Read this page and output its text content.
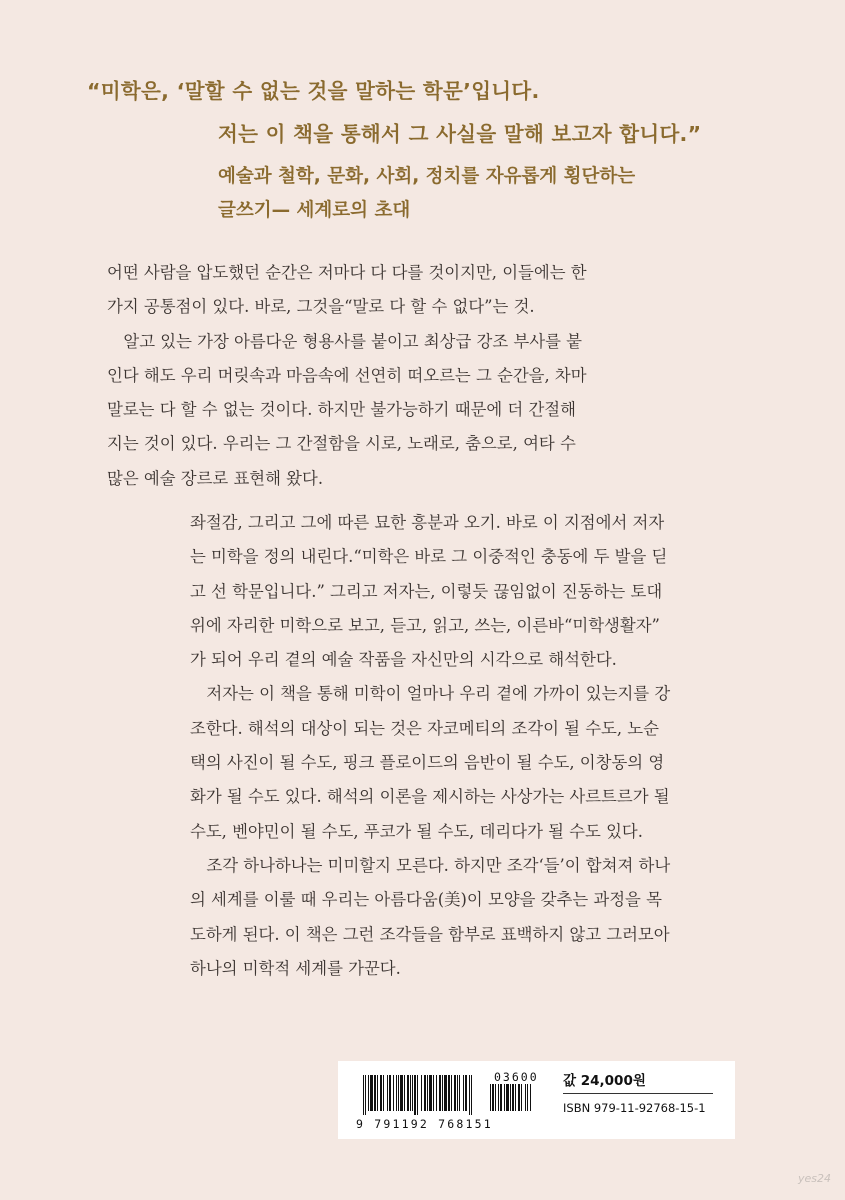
“미학은, ‘말할 수 없는 것을 말하는 학문’입니다.
저는 이 책을 통해서 그 사실을 말해 보고자 합니다.”
예술과 철학, 문화, 사회, 정치를 자유롭게 횡단하는
글쓰기— 세계로의 초대
어떤 사람을 압도했던 순간은 저마다 다 다를 것이지만, 이들에는 한
가지 공통점이 있다. 바로, 그것을“말로 다 할 수 없다”는 것.
　알고 있는 가장 아름다운 형용사를 붙이고 최상급 강조 부사를 붙
인다 해도 우리 머릿속과 마음속에 선연히 떠오르는 그 순간을, 차마
말로는 다 할 수 없는 것이다. 하지만 불가능하기 때문에 더 간절해
지는 것이 있다. 우리는 그 간절함을 시로, 노래로, 춤으로, 여타 수
많은 예술 장르로 표현해 왔다.
좌절감, 그리고 그에 따른 묘한 흥분과 오기. 바로 이 지점에서 저자
는 미학을 정의 내린다.“미학은 바로 그 이중적인 충동에 두 발을 딛
고 선 학문입니다.” 그리고 저자는, 이렇듯 끊임없이 진동하는 토대
위에 자리한 미학으로 보고, 듣고, 읽고, 쓰는, 이른바“미학생활자”
가 되어 우리 곁의 예술 작품을 자신만의 시각으로 해석한다.
　저자는 이 책을 통해 미학이 얼마나 우리 곁에 가까이 있는지를 강
조한다. 해석의 대상이 되는 것은 자코메티의 조각이 될 수도, 노순
택의 사진이 될 수도, 핑크 플로이드의 음반이 될 수도, 이창동의 영
화가 될 수도 있다. 해석의 이론을 제시하는 사상가는 사르트르가 될
수도, 벤야민이 될 수도, 푸코가 될 수도, 데리다가 될 수도 있다.
　조각 하나하나는 미미할지 모른다. 하지만 조각‘들’이 합쳐져 하나
의 세계를 이룰 때 우리는 아름다움(美)이 모양을 갖추는 과정을 목
도하게 된다. 이 책은 그런 조각들을 함부로 표백하지 않고 그러모아
하나의 미학적 세계를 가꾼다.
03600
9 791192 768151
값 24,000원
ISBN 979-11-92768-15-1
yes24
